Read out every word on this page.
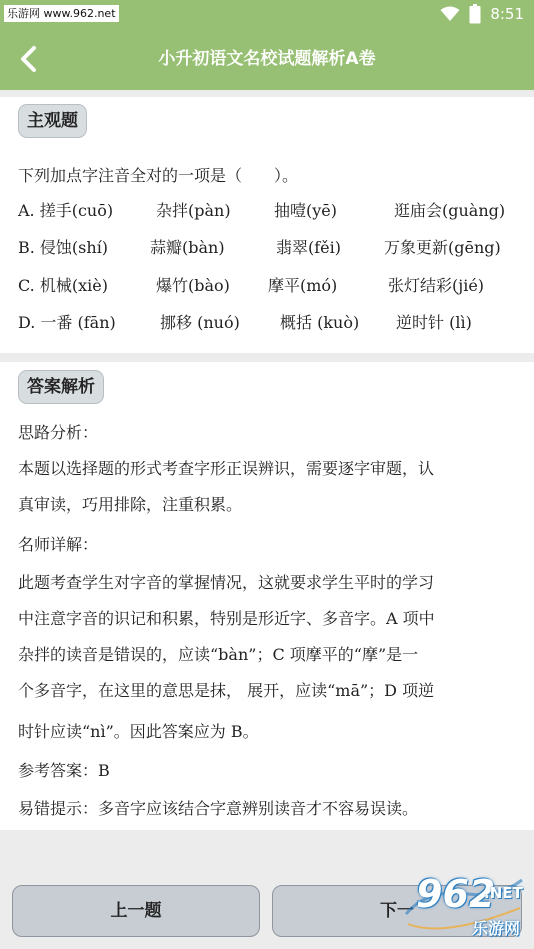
乐游网 www.962.net	8:51
小升初语文名校试题解析A卷
主观题
下列加点字注音全对的一项是（　　）。
A. 搓手(cuō)	杂拌(pàn)	抽噎(yē)	逛庙会(guàng)
B. 侵蚀(shí)	蒜瓣(bàn)	翡翠(fěi)	万象更新(gēng)
C. 机械(xiè)	爆竹(bào) 摩平(mó)	张灯结彩(jié)
D. 一番 (fān)	挪移 (nuó)	概括 (kuò) 逆时针 (lì)
答案解析
思路分析：
本题以选择题的形式考查字形正误辨识，需要逐字审题，认
真审读，巧用排除，注重积累。
名师详解：
此题考查学生对字音的掌握情况，这就要求学生平时的学习
中注意字音的识记和积累，特别是形近字、多音字。A 项中
杂拌的读音是错误的，应读“bàn”；C 项摩平的“摩”是一
个多音字，在这里的意思是抹， 展开，应读“mā”；D 项逆
时针应读“nì”。因此答案应为 B。
参考答案：B
易错提示：多音字应该结合字意辨别读音才不容易误读。
上一题	下一 962
.NET
乐游网
